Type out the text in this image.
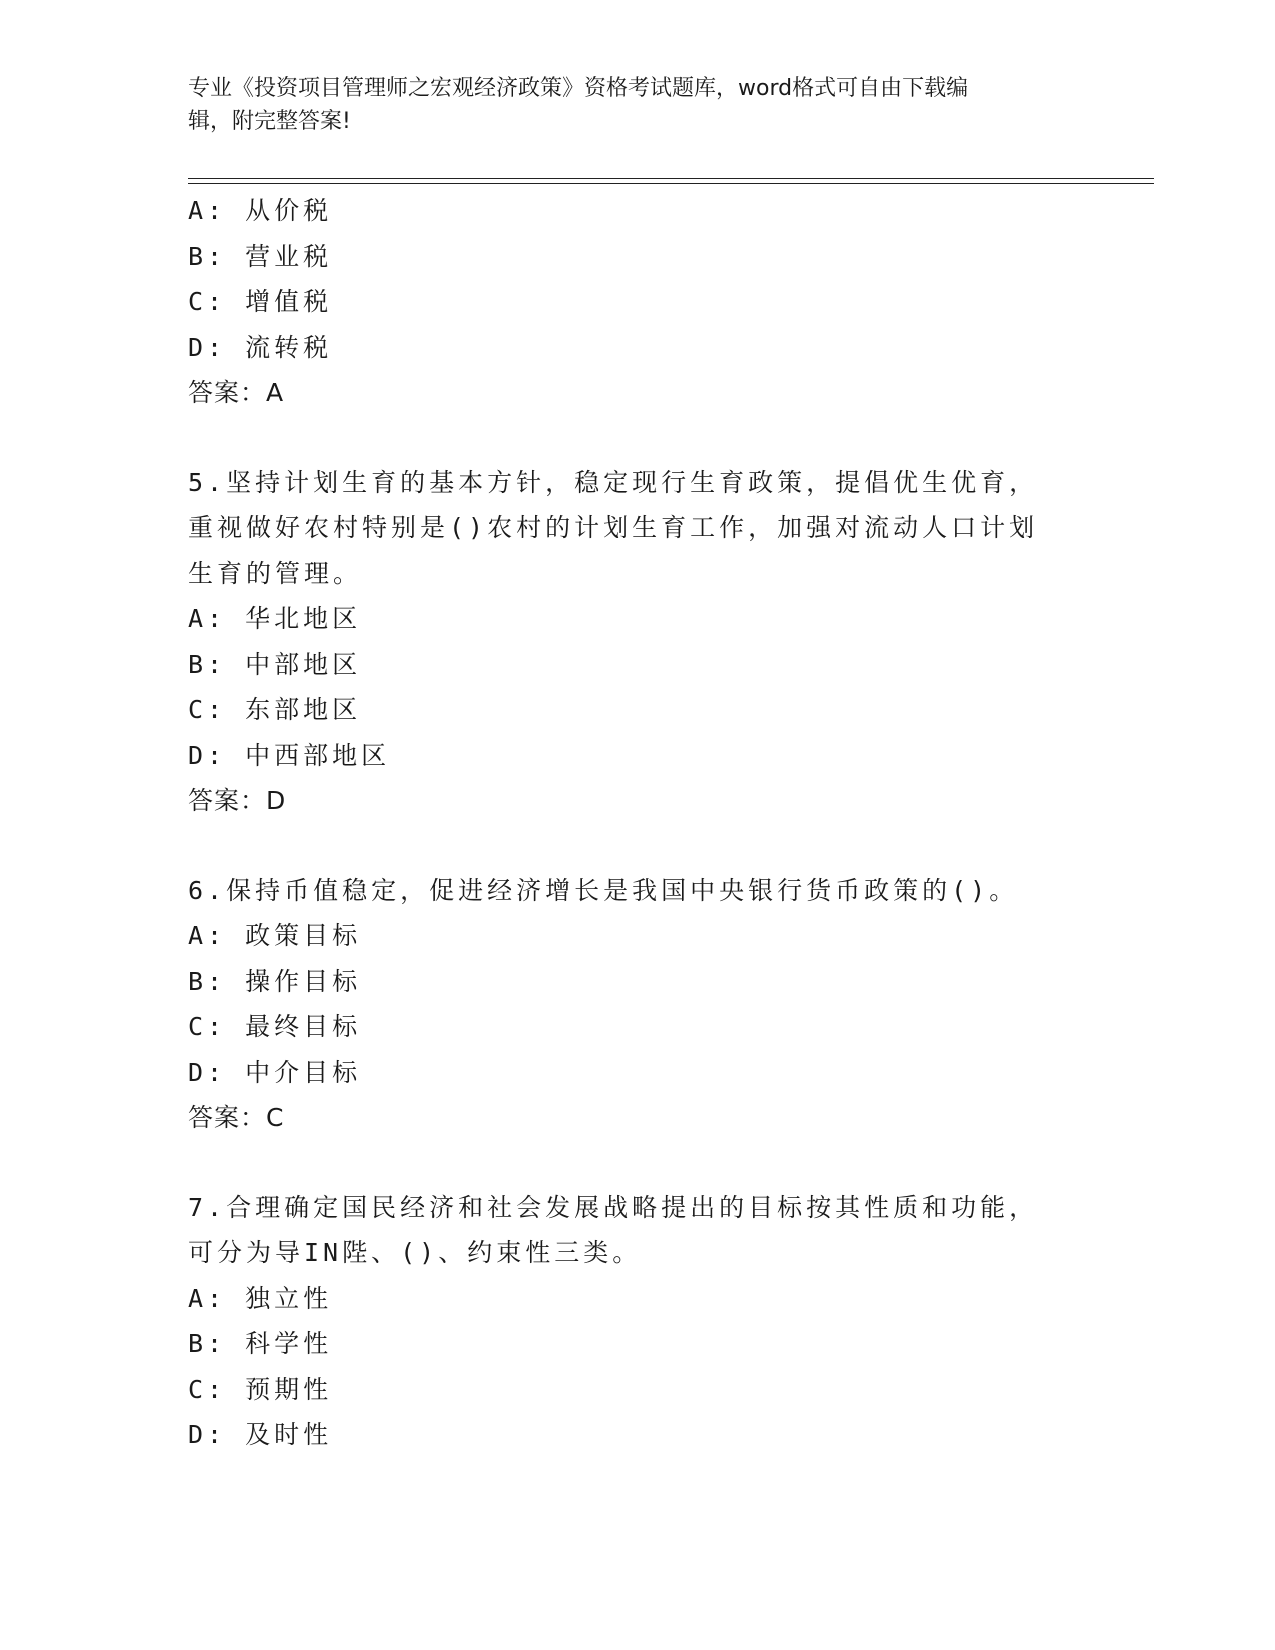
专业《投资项目管理师之宏观经济政策》资格考试题库，word格式可自由下载编
辑，附完整答案!
A: 从价税
B: 营业税
C: 增值税
D: 流转税
答案：A
5.坚持计划生育的基本方针，稳定现行生育政策，提倡优生优育，重视做好农村特别是()农村的计划生育工作，加强对流动人口计划生育的管理。
A: 华北地区
B: 中部地区
C: 东部地区
D: 中西部地区
答案：D
6.保持币值稳定，促进经济增长是我国中央银行货币政策的()。
A: 政策目标
B: 操作目标
C: 最终目标
D: 中介目标
答案：C
7.合理确定国民经济和社会发展战略提出的目标按其性质和功能，可分为导IN陛、()、约束性三类。
A: 独立性
B: 科学性
C: 预期性
D: 及时性
